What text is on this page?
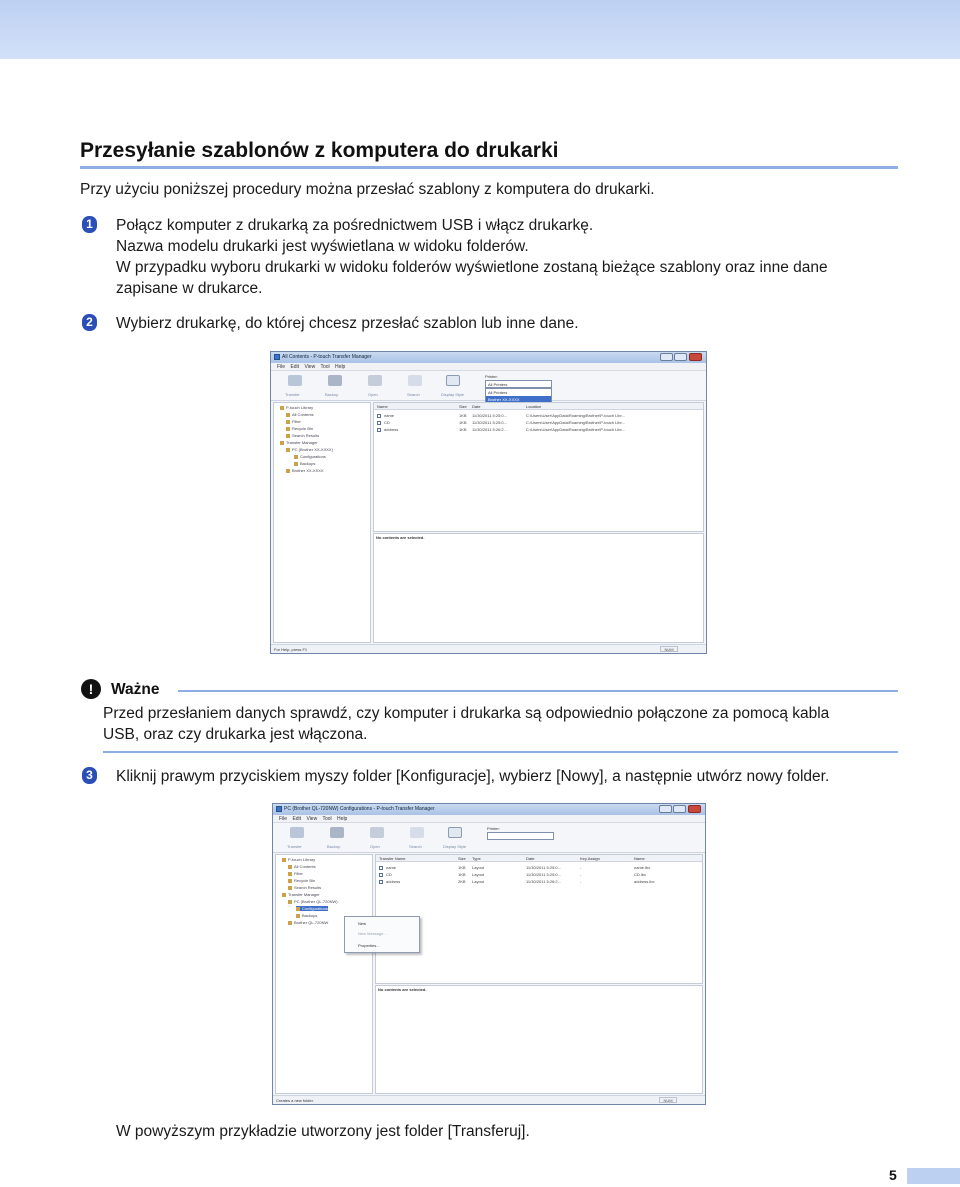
Przesyłanie szablonów z komputera do drukarki

Przy użyciu poniższej procedury można przesłać szablony z komputera do drukarki.

1 Połącz komputer z drukarką za pośrednictwem USB i włącz drukarkę.
Nazwa modelu drukarki jest wyświetlana w widoku folderów.
W przypadku wyboru drukarki w widoku folderów wyświetlone zostaną bieżące szablony oraz inne dane
zapisane w drukarce.
2 Wybierz drukarkę, do której chcesz przesłać szablon lub inne dane.
All Contents - P-touch Transfer Manager
File Edit View Tool Help
Transfer	Backup	Open	Search	Display Style
Printer:
All Printers
All Printers
Brother XX-XXXX
P-touch Library
All Contents
Filter
Recycle Bin
Search Results
Transfer Manager
PC (Brother XX-XXXX)
Configurations
Backups
Brother XX-XXXX
Name	Size Date	Location
name	1KB 11/30/2011 5:25:0...	C:\Users\User\AppData\Roaming\Brother\P-touch Libr...
CD	1KB 11/30/2011 5:25:0...	C:\Users\User\AppData\Roaming\Brother\P-touch Libr...
address	1KB 11/30/2011 5:26:2...	C:\Users\User\AppData\Roaming\Brother\P-touch Libr...
No contents are selected.
For Help, press F1	NUM
!	Ważne
Przed przesłaniem danych sprawdź, czy komputer i drukarka są odpowiednio połączone za pomocą kabla
USB, oraz czy drukarka jest włączona.
3 Kliknij prawym przyciskiem myszy folder [Konfiguracje], wybierz [Nowy], a następnie utwórz nowy folder.
PC (Brother QL-720NW) Configurations - P-touch Transfer Manager
File Edit View Tool Help
Transfer	Backup	Open	Search	Display Style
Printer:
P-touch Library
All Contents
Filter
Recycle Bin
Search Results
Transfer Manager
PC (Brother QL-720NW)
Configurations
Backups
Brother QL-720NW
Transfer Name	Size Type	Date	Key Assign	Name
name	1KB Layout	11/30/2011 5:25:0...	-	name.lbx
CD	1KB Layout	11/30/2011 5:25:0...	-	CD.lbx
address	2KB Layout	11/30/2011 5:26:2...	-	address.lbx
No contents are selected.
New
New Message...
Properties...
Creates a new folder.	NUM

W powyższym przykładzie utworzony jest folder [Transferuj].

5
